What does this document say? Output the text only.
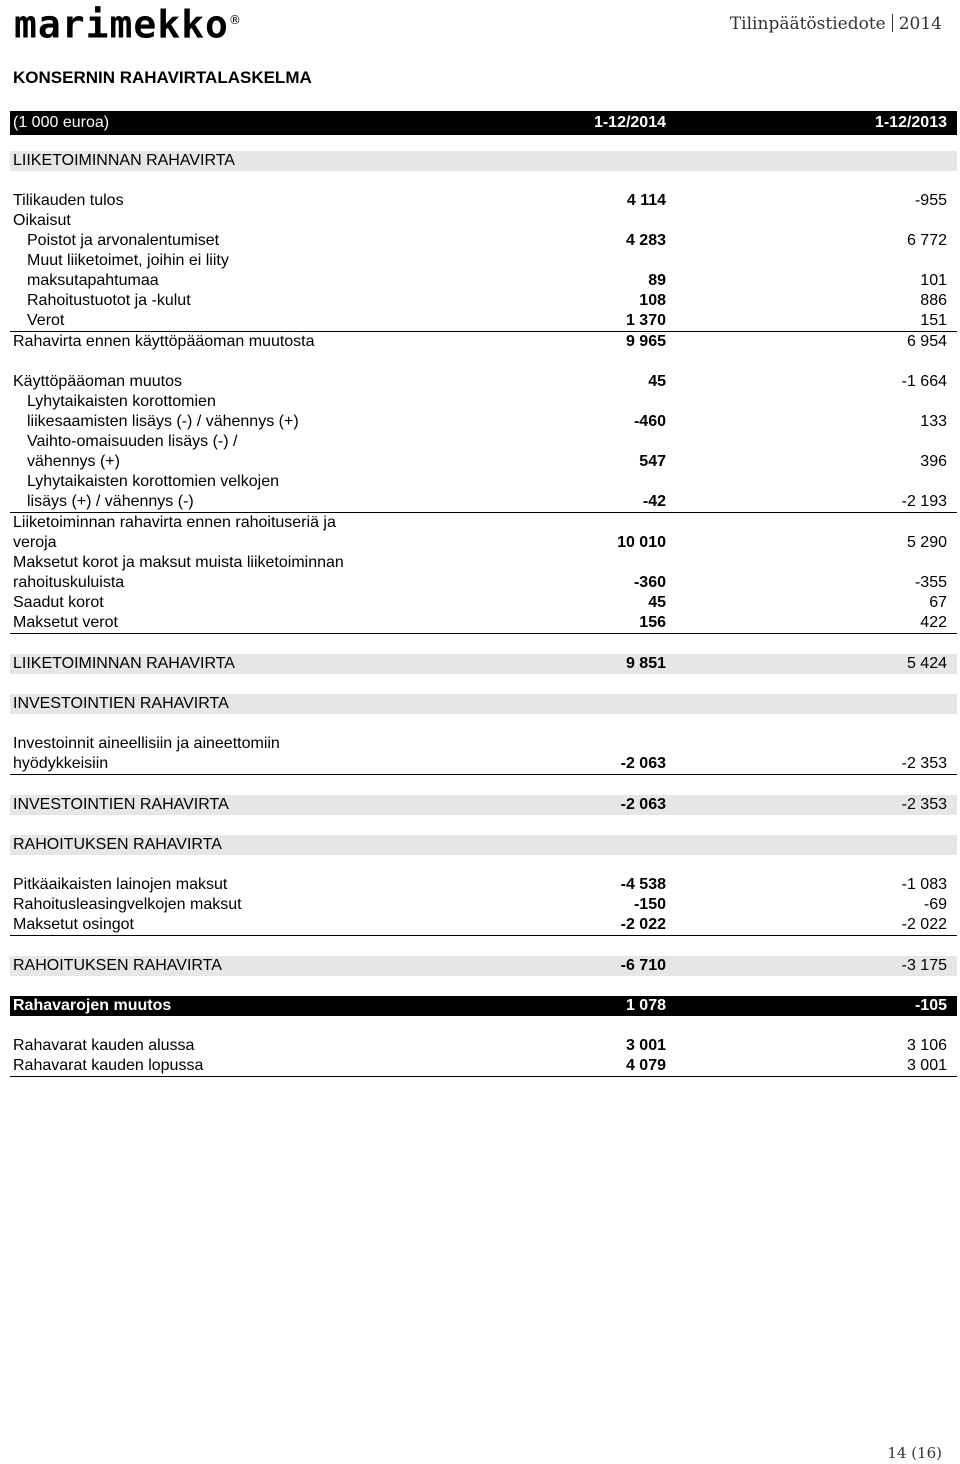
marimekko®	Tilinpäätöstiedote 2014
KONSERNIN RAHAVIRTALASKELMA
(1 000 euroa)	1-12/2014	1-12/2013
LIIKETOIMINNAN RAHAVIRTA
Tilikauden tulos	4 114	-955
Oikaisut
Poistot ja arvonalentumiset	4 283	6 772
Muut liiketoimet, joihin ei liity
maksutapahtumaa	89	101
Rahoitustuotot ja -kulut	108	886
Verot	1 370	151
Rahavirta ennen käyttöpääoman muutosta	9 965	6 954
Käyttöpääoman muutos	45	-1 664
Lyhytaikaisten korottomien
liikesaamisten lisäys (-) / vähennys (+)	-460	133
Vaihto-omaisuuden lisäys (-) /
vähennys (+)	547	396
Lyhytaikaisten korottomien velkojen
lisäys (+) / vähennys (-)	-42	-2 193
Liiketoiminnan rahavirta ennen rahoituseriä ja
veroja	10 010	5 290
Maksetut korot ja maksut muista liiketoiminnan
rahoituskuluista	-360	-355
Saadut korot	45	67
Maksetut verot	156	422
LIIKETOIMINNAN RAHAVIRTA	9 851	5 424
INVESTOINTIEN RAHAVIRTA
Investoinnit aineellisiin ja aineettomiin
hyödykkeisiin	-2 063	-2 353
INVESTOINTIEN RAHAVIRTA	-2 063	-2 353
RAHOITUKSEN RAHAVIRTA
Pitkäaikaisten lainojen maksut	-4 538	-1 083
Rahoitusleasingvelkojen maksut	-150	-69
Maksetut osingot	-2 022	-2 022
RAHOITUKSEN RAHAVIRTA	-6 710	-3 175
Rahavarojen muutos	1 078	-105
Rahavarat kauden alussa	3 001	3 106
Rahavarat kauden lopussa	4 079	3 001
14 (16)
